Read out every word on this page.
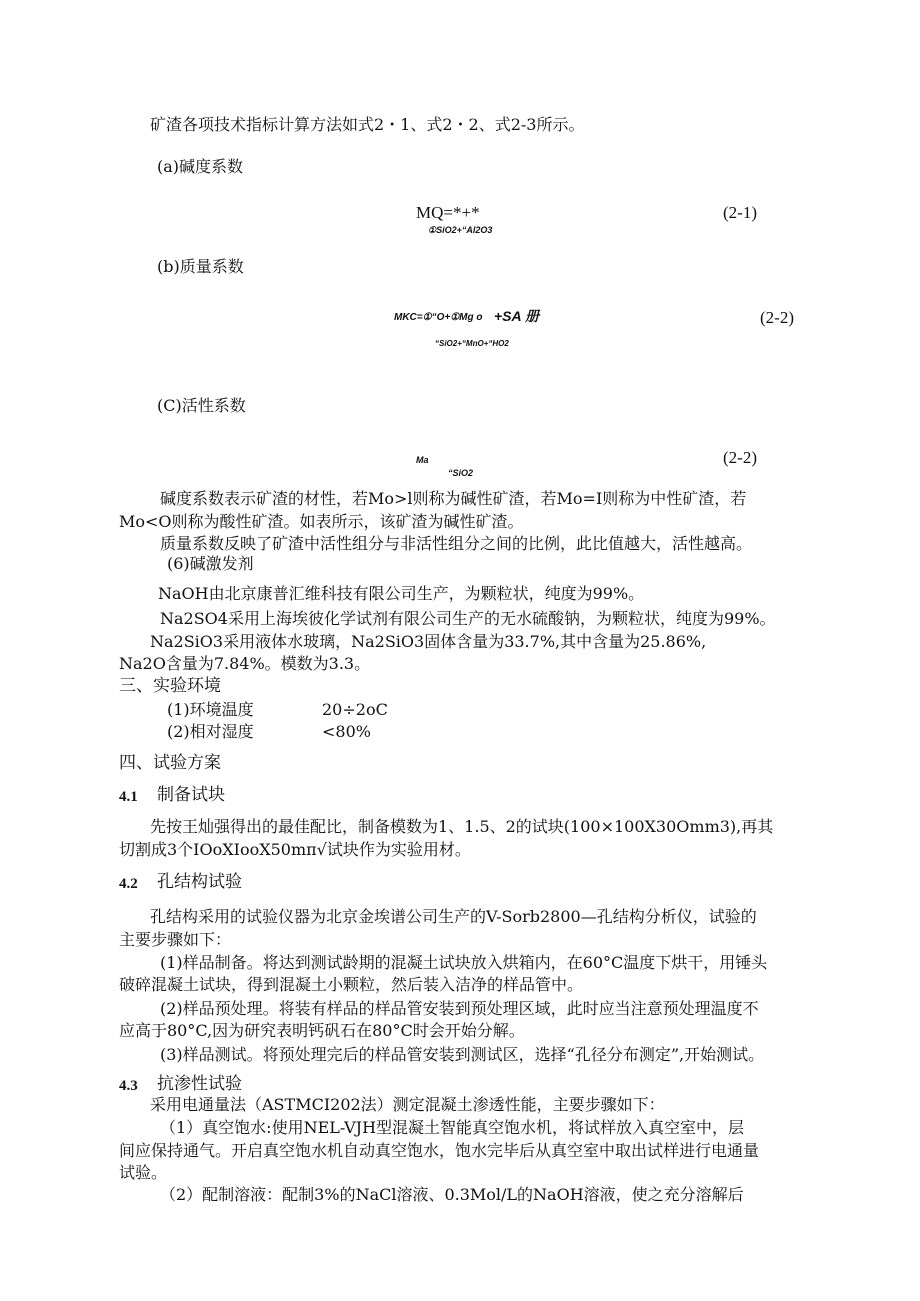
矿渣各项技术指标计算方法如式2・1、式2・2、式2-3所示。
(a)碱度系数
MQ=*+*
①SiO2+“Al2O3
(2-1)
(b)质量系数
MKC=①“O+①Mg o +SA 册
“SiO2+“MnO+“HO2
(2-2)
(C)活性系数
Ma
“SiO2
(2-2)
碱度系数表示矿渣的材性，若Mo>l则称为碱性矿渣，若Mo=I则称为中性矿渣，若
Mo<O则称为酸性矿渣。如表所示，该矿渣为碱性矿渣。
质量系数反映了矿渣中活性组分与非活性组分之间的比例，此比值越大，活性越高。
(6)碱激发剂
NaOH由北京康普汇维科技有限公司生产，为颗粒状，纯度为99%。
Na2SO4采用上海埃彼化学试剂有限公司生产的无水硫酸钠，为颗粒状，纯度为99%。
Na2SiO3采用液体水玻璃，Na2SiO3固体含量为33.7%,其中含量为25.86%,
Na2O含量为7.84%。模数为3.3。
三、实验环境
(1)环境温度	20÷2oC
(2)相对湿度	<80%
四、试验方案
4.1 制备试块
先按王灿强得出的最佳配比，制备模数为1、1.5、2的试块(100×100X30Omm3),再其
切割成3个IOoXIooX50mπ√试块作为实验用材。
4.2 孔结构试验
孔结构采用的试验仪器为北京金埃谱公司生产的V-Sorb2800—孔结构分析仪，试验的
主要步骤如下：
(1)样品制备。将达到测试龄期的混凝土试块放入烘箱内，在60°C温度下烘干，用锤头
破碎混凝土试块，得到混凝土小颗粒，然后装入洁净的样品管中。
(2)样品预处理。将装有样品的样品管安装到预处理区域，此时应当注意预处理温度不
应高于80°C,因为研究表明钙矾石在80°C时会开始分解。
(3)样品测试。将预处理完后的样品管安装到测试区，选择“孔径分布测定”,开始测试。
4.3 抗渗性试验
采用电通量法（ASTMCI202法）测定混凝土渗透性能，主要步骤如下：
（1）真空饱水:使用NEL-VJH型混凝土智能真空饱水机，将试样放入真空室中，层
间应保持通气。开启真空饱水机自动真空饱水，饱水完毕后从真空室中取出试样进行电通量
试验。
（2）配制溶液：配制3%的NaCl溶液、0.3Mol/L的NaOH溶液，使之充分溶解后
